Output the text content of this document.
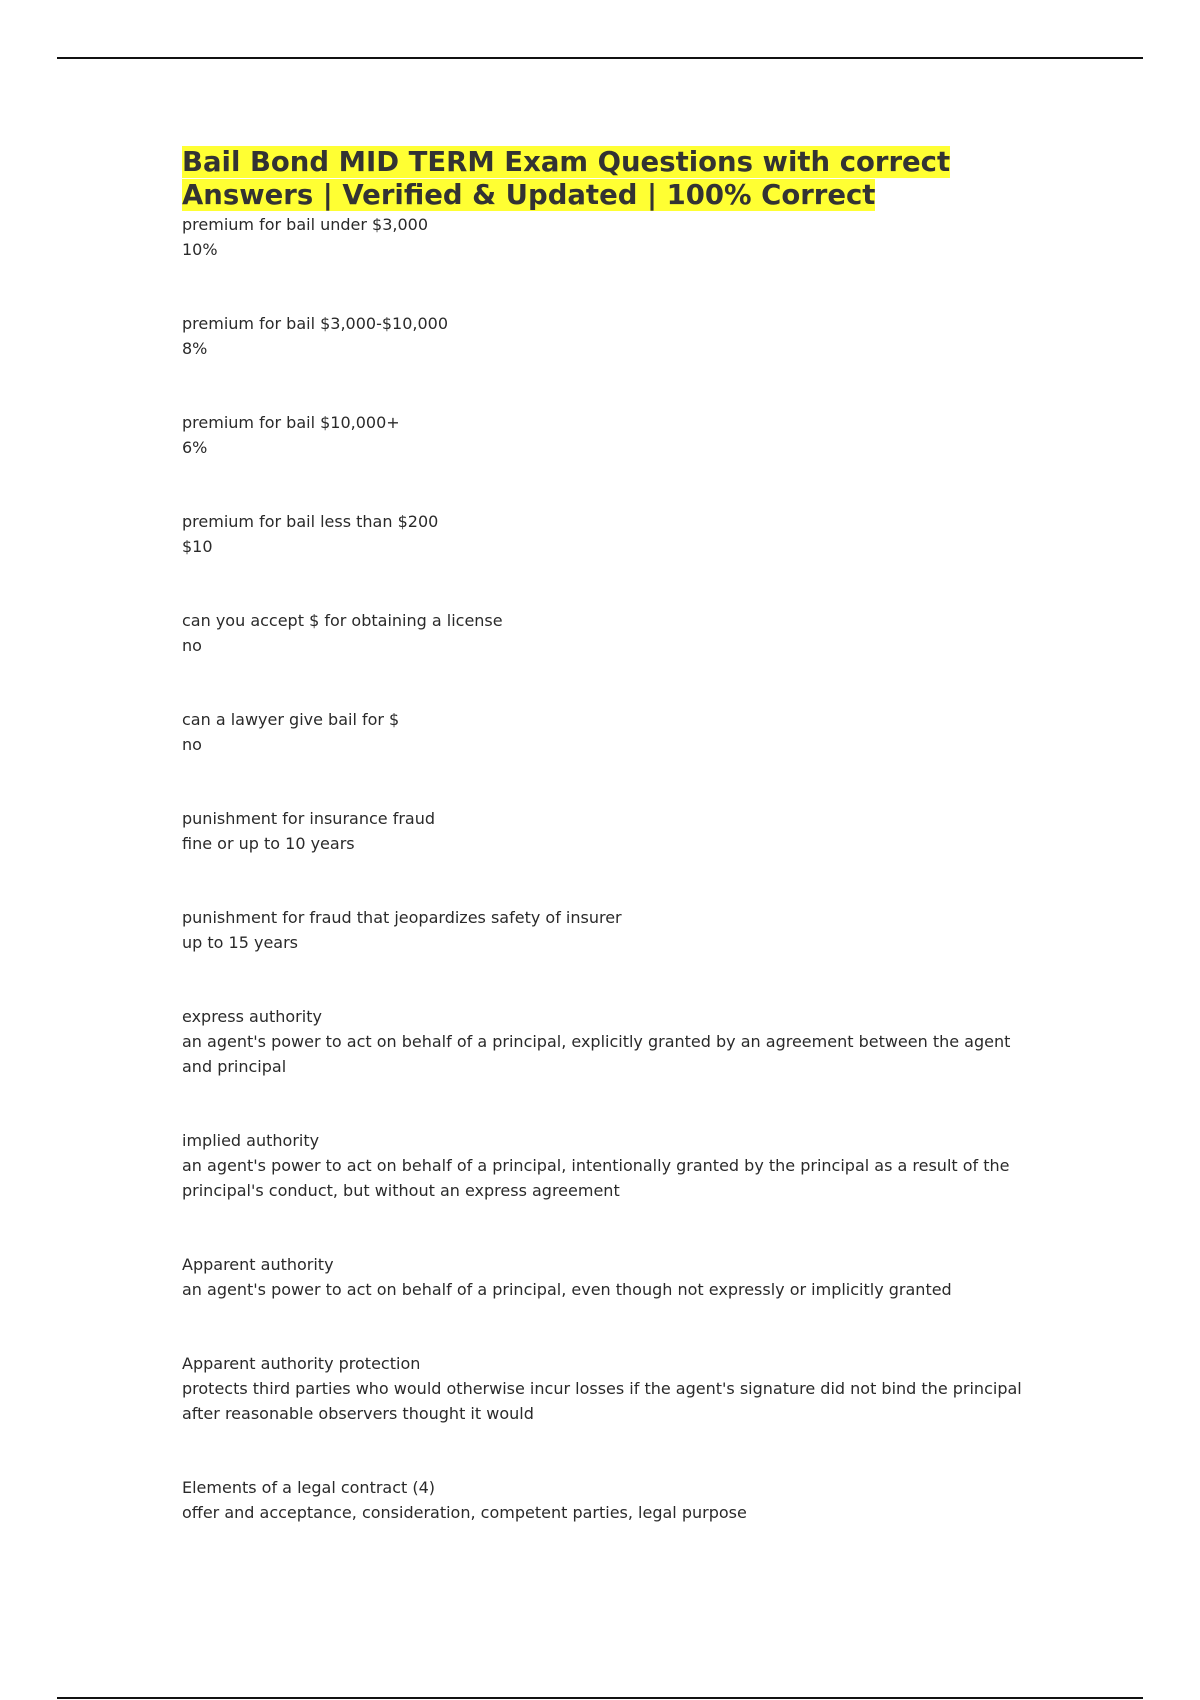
Bail Bond MID TERM Exam Questions with correct Answers | Verified & Updated | 100% Correct
premium for bail under $3,000
10%
premium for bail $3,000-$10,000
8%
premium for bail $10,000+
6%
premium for bail less than $200
$10
can you accept $ for obtaining a license
no
can a lawyer give bail for $
no
punishment for insurance fraud
fine or up to 10 years
punishment for fraud that jeopardizes safety of insurer
up to 15 years
express authority
an agent's power to act on behalf of a principal, explicitly granted by an agreement between the agent and principal
implied authority
an agent's power to act on behalf of a principal, intentionally granted by the principal as a result of the principal's conduct, but without an express agreement
Apparent authority
an agent's power to act on behalf of a principal, even though not expressly or implicitly granted
Apparent authority protection
protects third parties who would otherwise incur losses if the agent's signature did not bind the principal after reasonable observers thought it would
Elements of a legal contract (4)
offer and acceptance, consideration, competent parties, legal purpose
